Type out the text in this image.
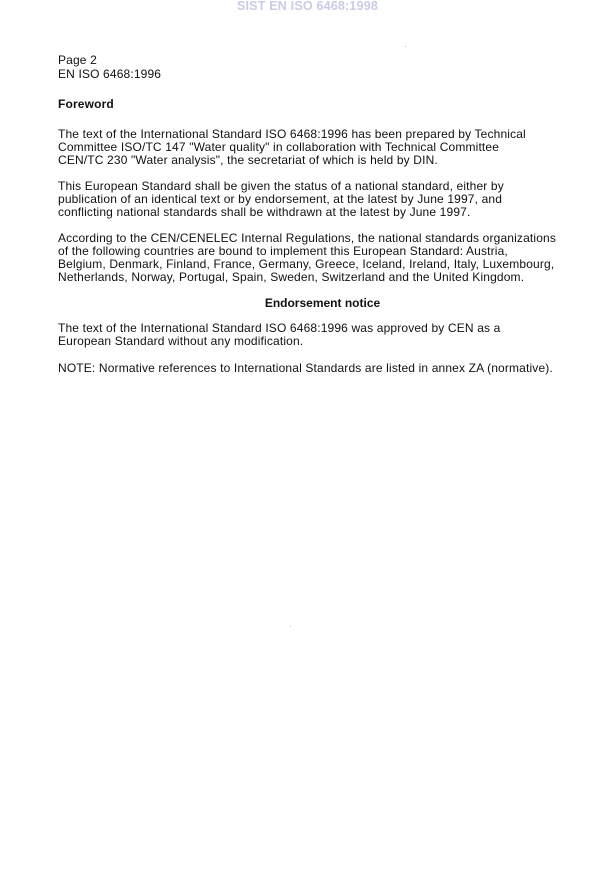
SIST EN ISO 6468:1998
Page 2
EN ISO 6468:1996
Foreword
The text of the International Standard ISO 6468:1996 has been prepared by Technical
Committee ISO/TC 147 "Water quality" in collaboration with Technical Committee
CEN/TC 230 "Water analysis", the secretariat of which is held by DIN.
This European Standard shall be given the status of a national standard, either by
publication of an identical text or by endorsement, at the latest by June 1997, and
conflicting national standards shall be withdrawn at the latest by June 1997.
According to the CEN/CENELEC Internal Regulations, the national standards organizations
of the following countries are bound to implement this European Standard: Austria,
Belgium, Denmark, Finland, France, Germany, Greece, Iceland, Ireland, Italy, Luxembourg,
Netherlands, Norway, Portugal, Spain, Sweden, Switzerland and the United Kingdom.
Endorsement notice
The text of the International Standard ISO 6468:1996 was approved by CEN as a
European Standard without any modification.
NOTE: Normative references to International Standards are listed in annex ZA (normative).
